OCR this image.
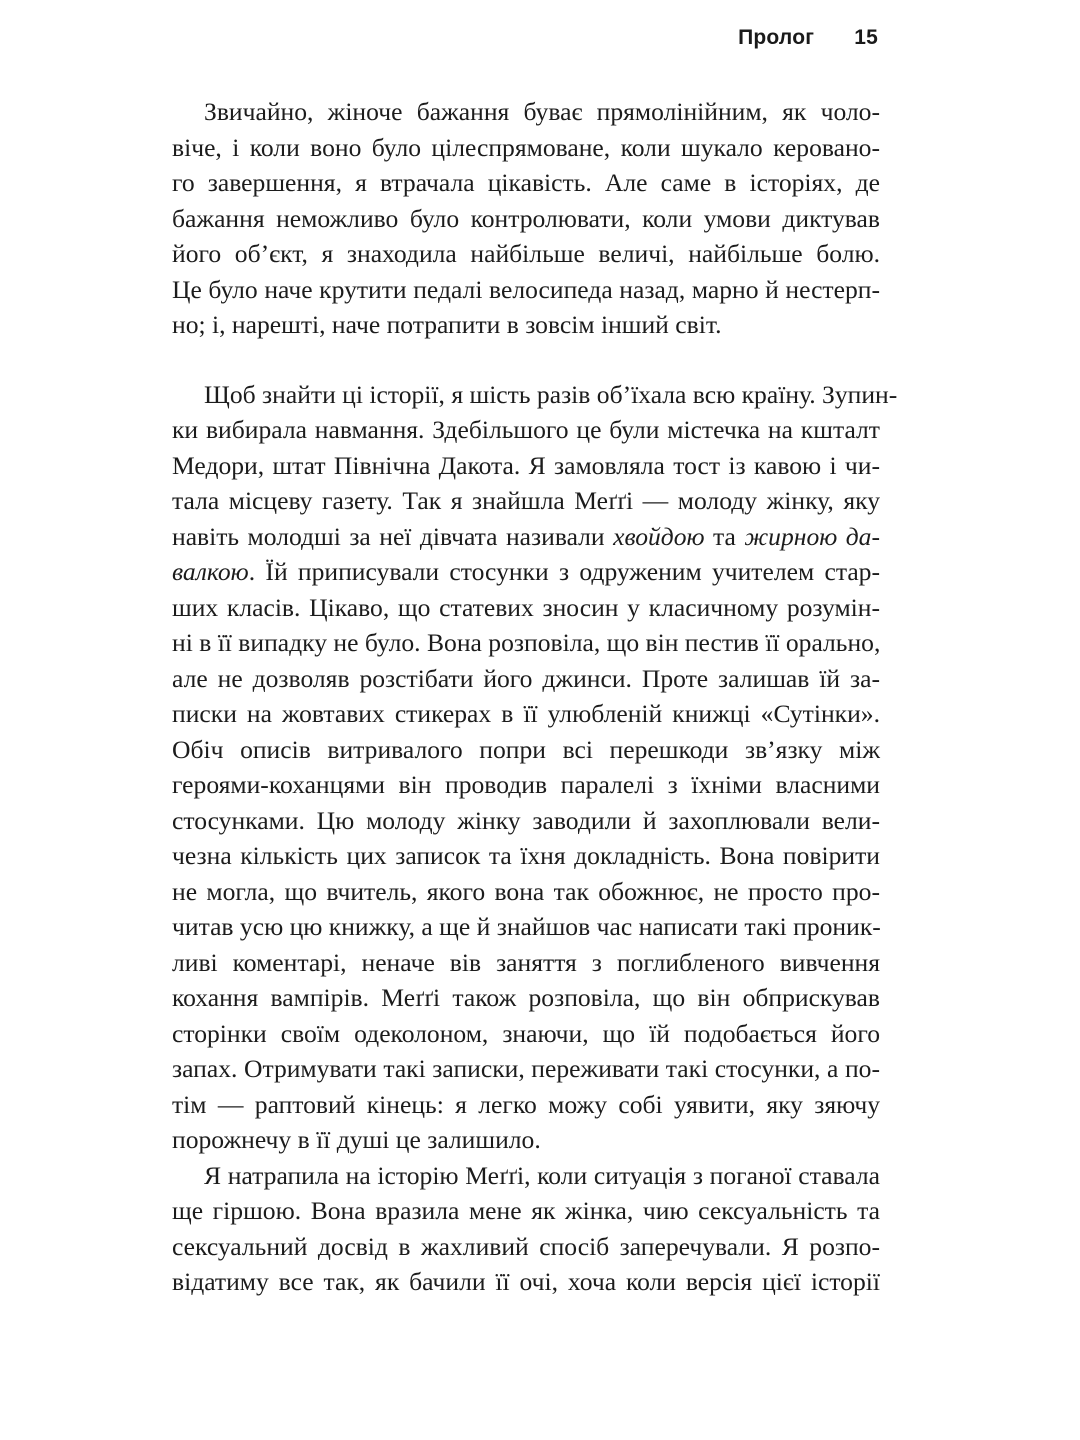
Пролог 15
Звичайно, жіноче бажання буває прямолінійним, як чоло-
віче, і коли воно було цілеспрямоване, коли шукало керовано-
го завершення, я втрачала цікавість. Але саме в історіях, де
бажання неможливо було контролювати, коли умови диктував
його об’єкт, я знаходила найбільше величі, найбільше болю.
Це було наче крутити педалі велосипеда назад, марно й нестерп-
но; і, нарешті, наче потрапити в зовсім інший світ.
Щоб знайти ці історії, я шість разів об’їхала всю країну. Зупин-
ки вибирала навмання. Здебільшого це були містечка на кшталт
Медори, штат Північна Дакота. Я замовляла тост із кавою і чи-
тала місцеву газету. Так я знайшла Меґґі — молоду жінку, яку
навіть молодші за неї дівчата називали хвойдою та жирною да-
валкою. Їй приписували стосунки з одруженим учителем стар-
ших класів. Цікаво, що статевих зносин у класичному розумін-
ні в її випадку не було. Вона розповіла, що він пестив її орально,
але не дозволяв розстібати його джинси. Проте залишав їй за-
писки на жовтавих стикерах в її улюбленій книжці «Сутінки».
Обіч описів витривалого попри всі перешкоди зв’язку між
героями-коханцями він проводив паралелі з їхніми власними
стосунками. Цю молоду жінку заводили й захоплювали вели-
чезна кількість цих записок та їхня докладність. Вона повірити
не могла, що вчитель, якого вона так обожнює, не просто про-
читав усю цю книжку, а ще й знайшов час написати такі проник-
ливі коментарі, неначе вів заняття з поглибленого вивчення
кохання вампірів. Меґґі також розповіла, що він обприскував
сторінки своїм одеколоном, знаючи, що їй подобається його
запах. Отримувати такі записки, переживати такі стосунки, а по-
тім — раптовий кінець: я легко можу собі уявити, яку зяючу
порожнечу в її душі це залишило.
Я натрапила на історію Меґґі, коли ситуація з поганої ставала
ще гіршою. Вона вразила мене як жінка, чию сексуальність та
сексуальний досвід в жахливий спосіб заперечували. Я розпо-
відатиму все так, як бачили її очі, хоча коли версія цієї історії
